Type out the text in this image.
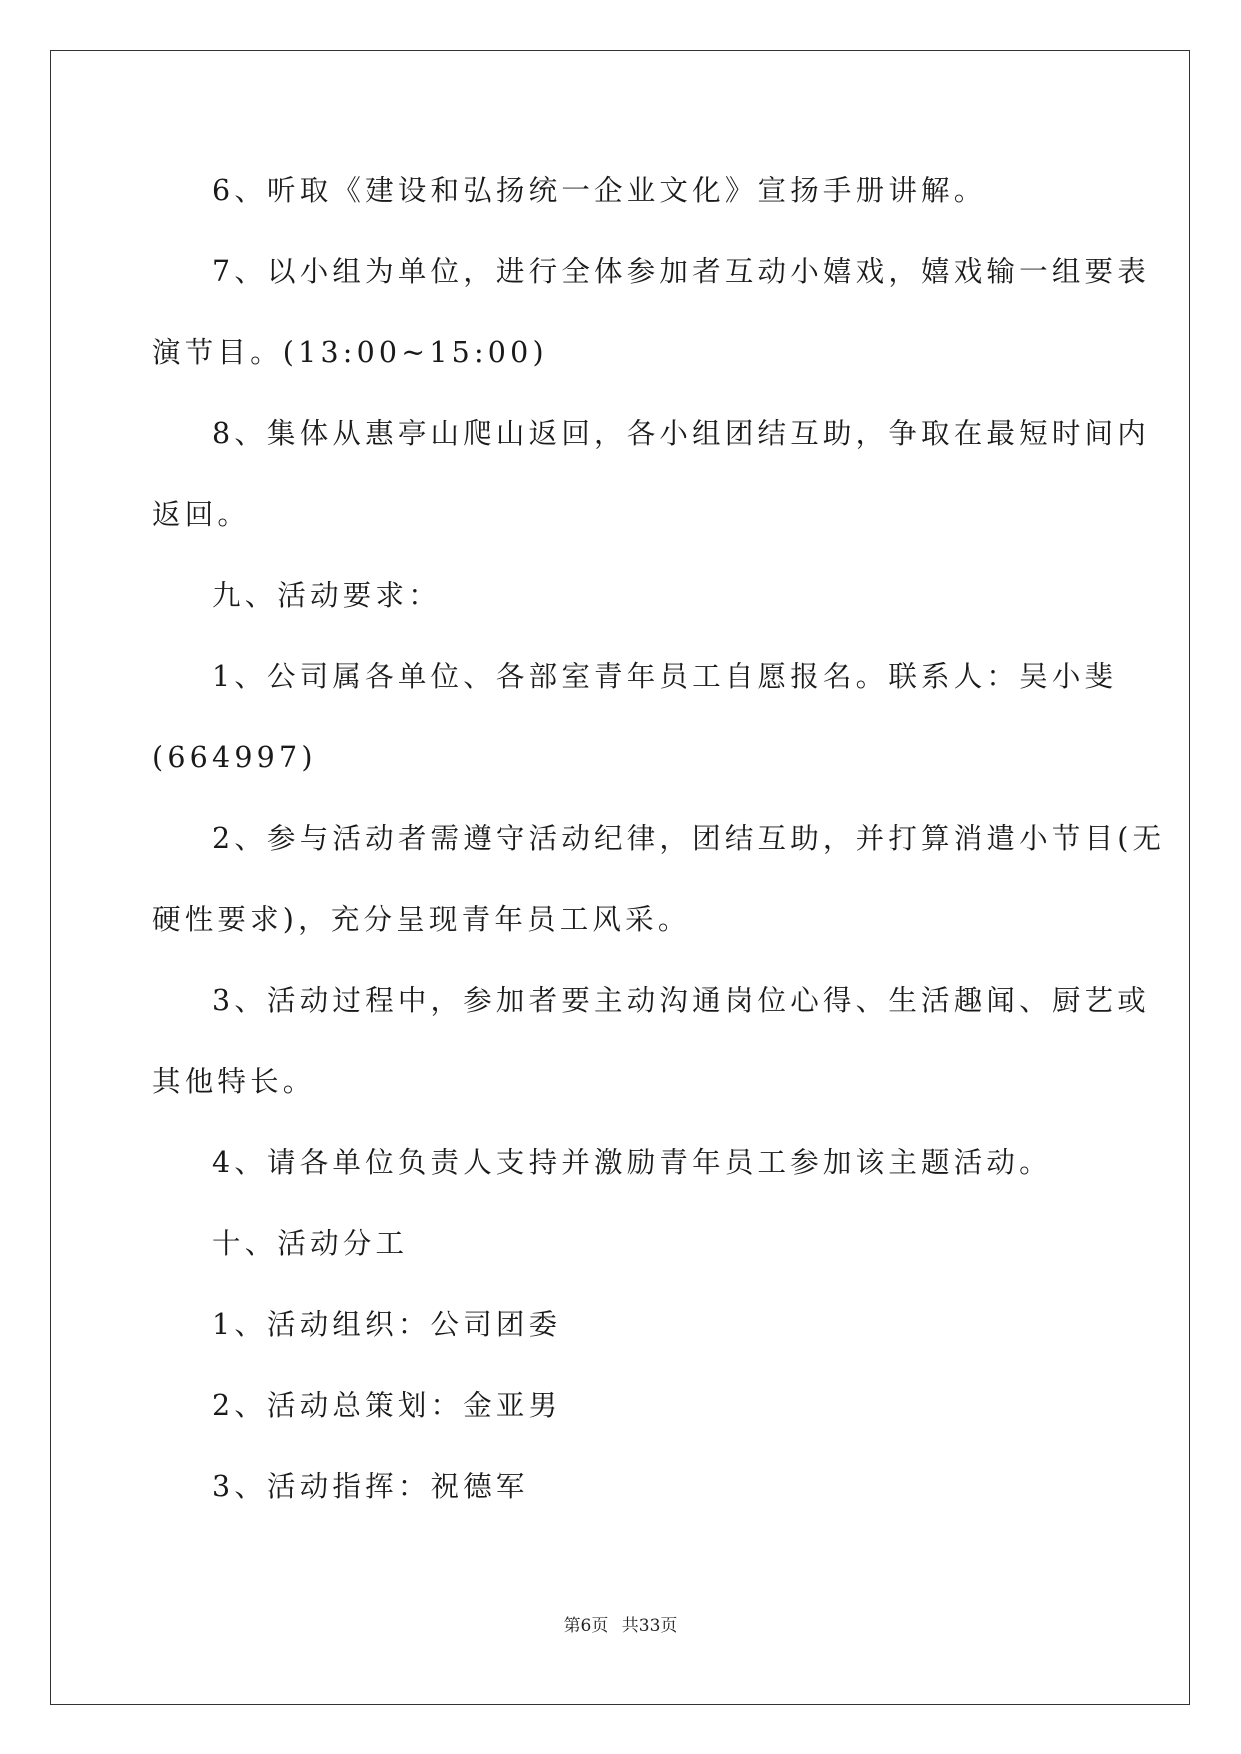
6、听取《建设和弘扬统一企业文化》宣扬手册讲解。
7、以小组为单位，进行全体参加者互动小嬉戏，嬉戏输一组要表
演节目。(13:00~15:00)
8、集体从惠亭山爬山返回，各小组团结互助，争取在最短时间内
返回。
九、活动要求：
1、公司属各单位、各部室青年员工自愿报名。联系人：吴小斐
(664997)
2、参与活动者需遵守活动纪律，团结互助，并打算消遣小节目(无
硬性要求)，充分呈现青年员工风采。
3、活动过程中，参加者要主动沟通岗位心得、生活趣闻、厨艺或
其他特长。
4、请各单位负责人支持并激励青年员工参加该主题活动。
十、活动分工
1、活动组织：公司团委
2、活动总策划：金亚男
3、活动指挥：祝德军
第6页 共33页
